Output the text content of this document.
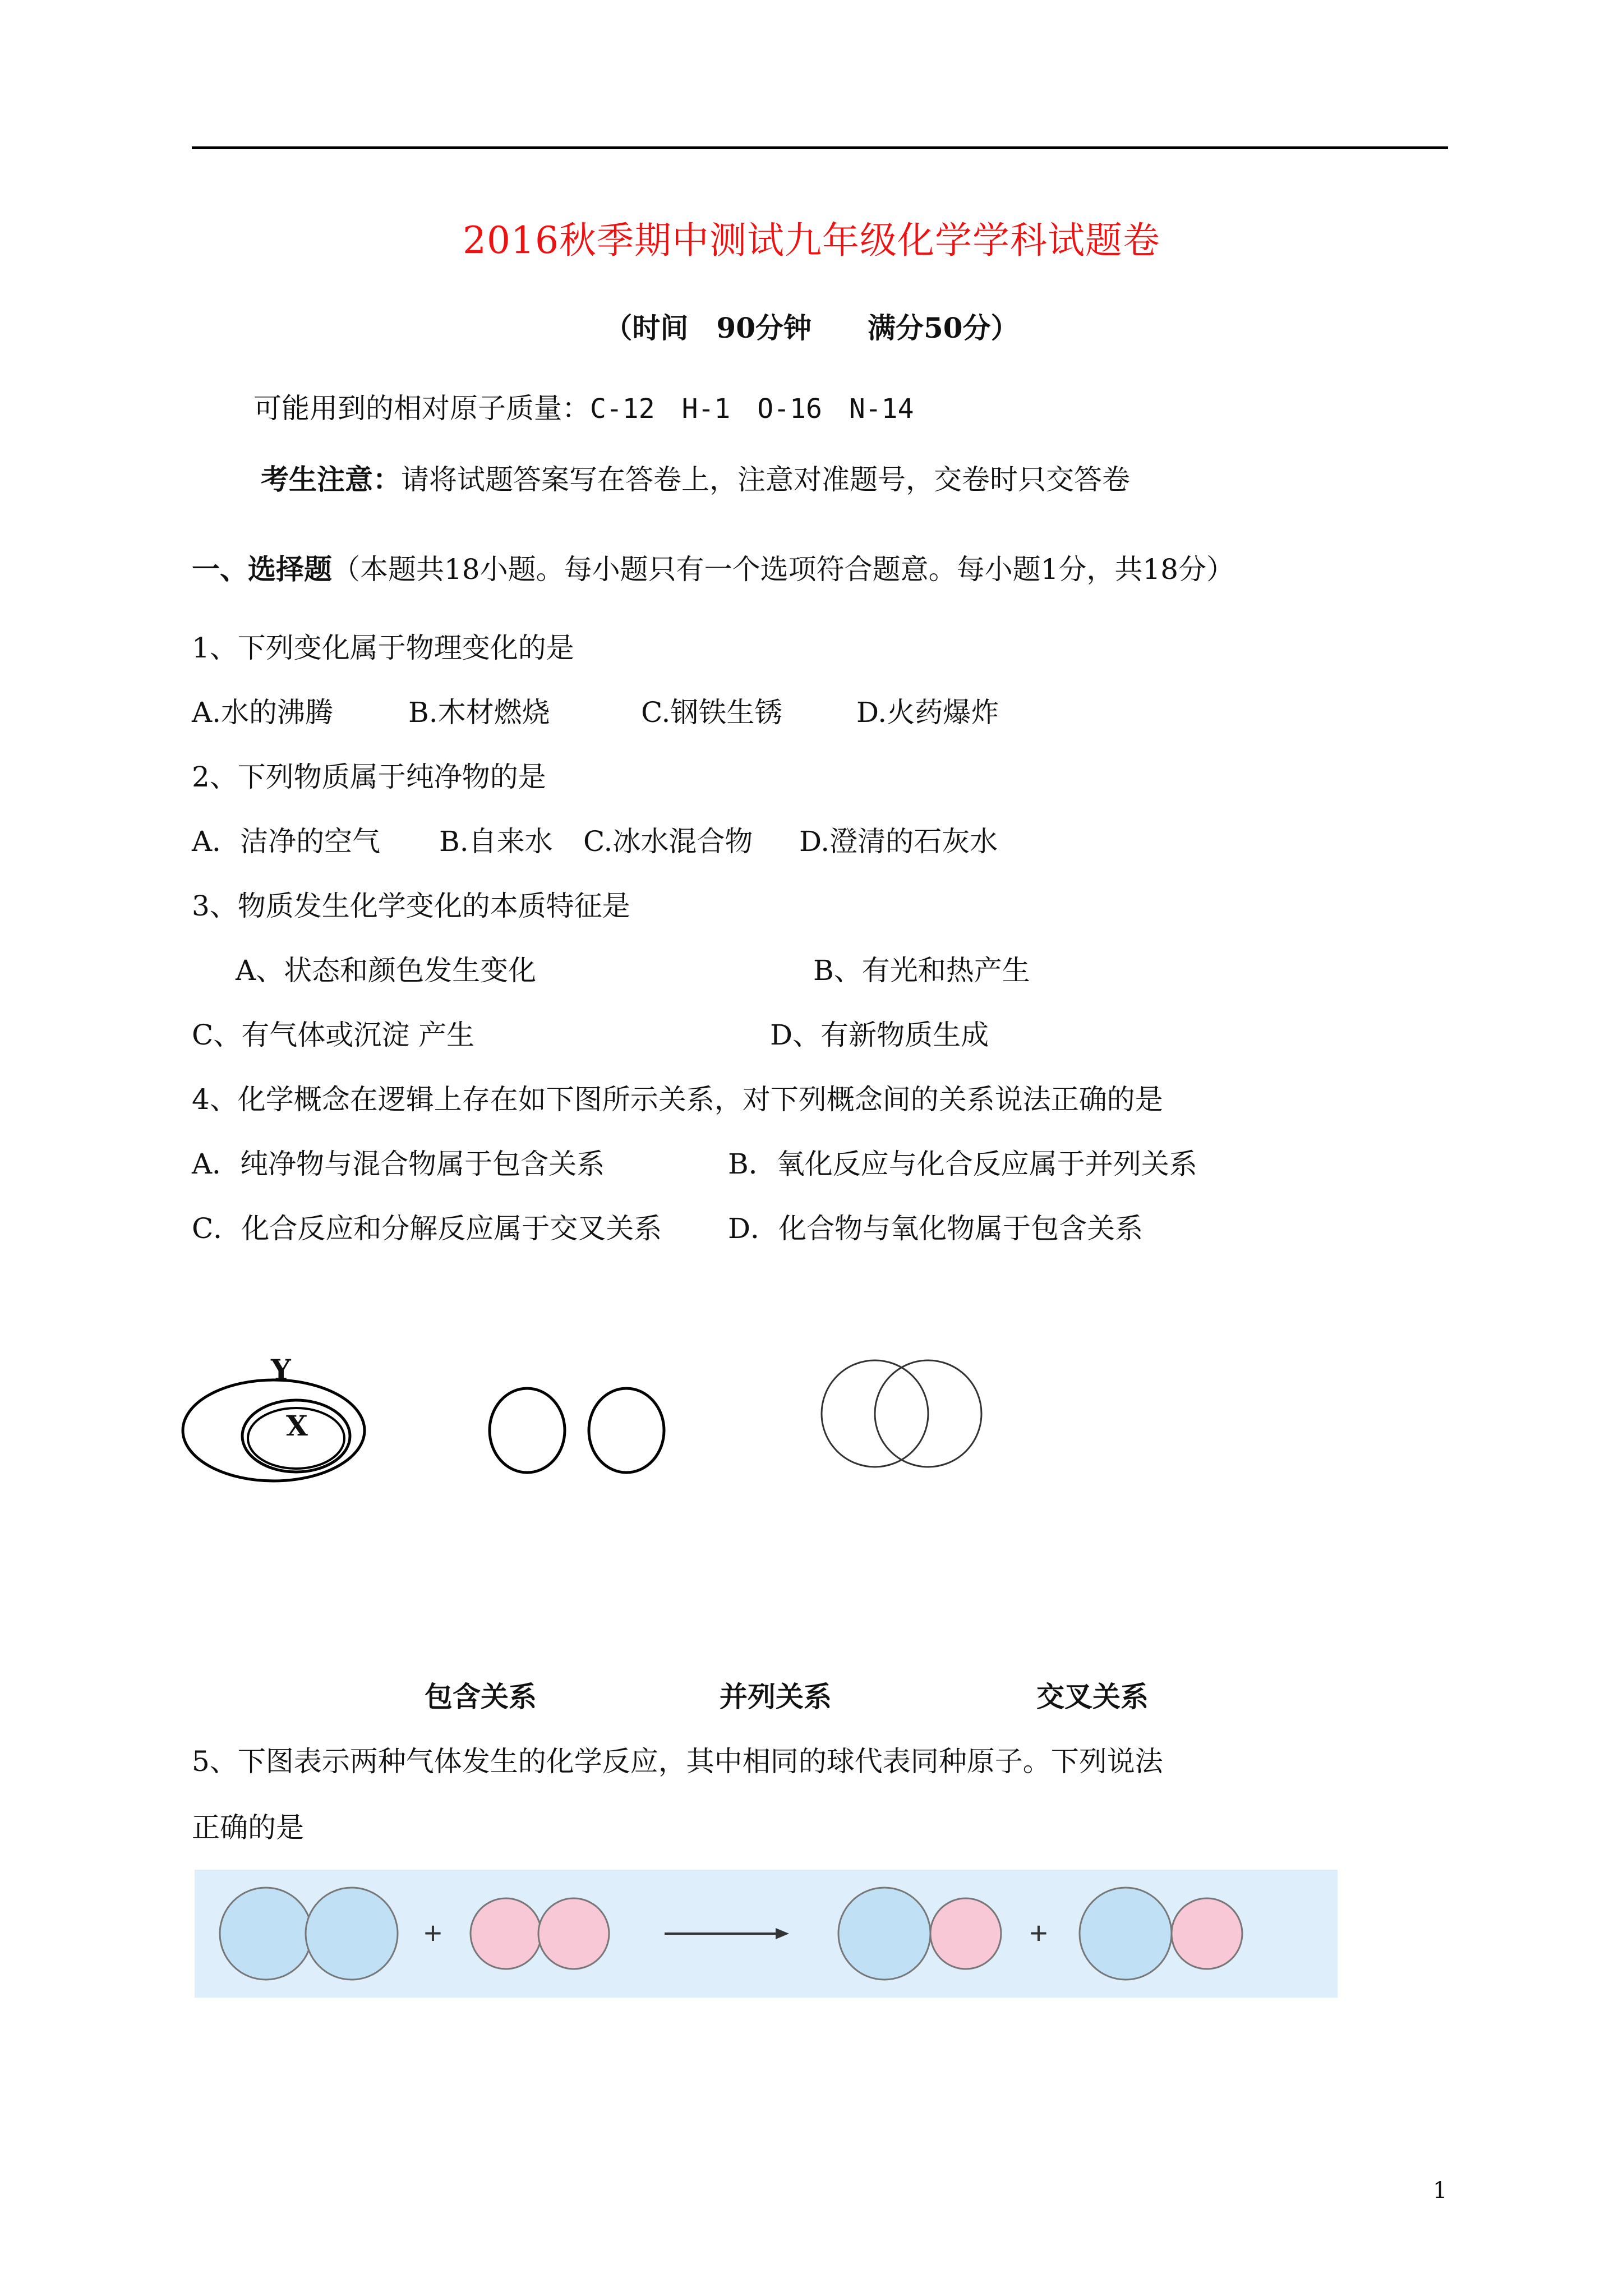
2016秋季期中测试九年级化学学科试题卷
（时间　90分钟　　满分50分）
可能用到的相对原子质量：C-12　H-1　O-16　N-14
考生注意：请将试题答案写在答卷上，注意对准题号，交卷时只交答卷
一、选择题（本题共18小题。每小题只有一个选项符合题意。每小题1分，共18分）
1、下列变化属于物理变化的是
A.水的沸腾	B.木材燃烧	C.钢铁生锈	D.火药爆炸
2、下列物质属于纯净物的是
A．洁净的空气 B.自来水 C.冰水混合物 D.澄清的石灰水
3、物质发生化学变化的本质特征是
A、状态和颜色发生变化	B、有光和热产生
C、有气体或沉淀 产生	D、有新物质生成
4、化学概念在逻辑上存在如下图所示关系，对下列概念间的关系说法正确的是
A．纯净物与混合物属于包含关系	B．氧化反应与化合反应属于并列关系
C．化合反应和分解反应属于交叉关系 D．化合物与氧化物属于包含关系
Y
X
包含关系	并列关系	交叉关系
5、下图表示两种气体发生的化学反应，其中相同的球代表同种原子。下列说法
正确的是
+	+
1
